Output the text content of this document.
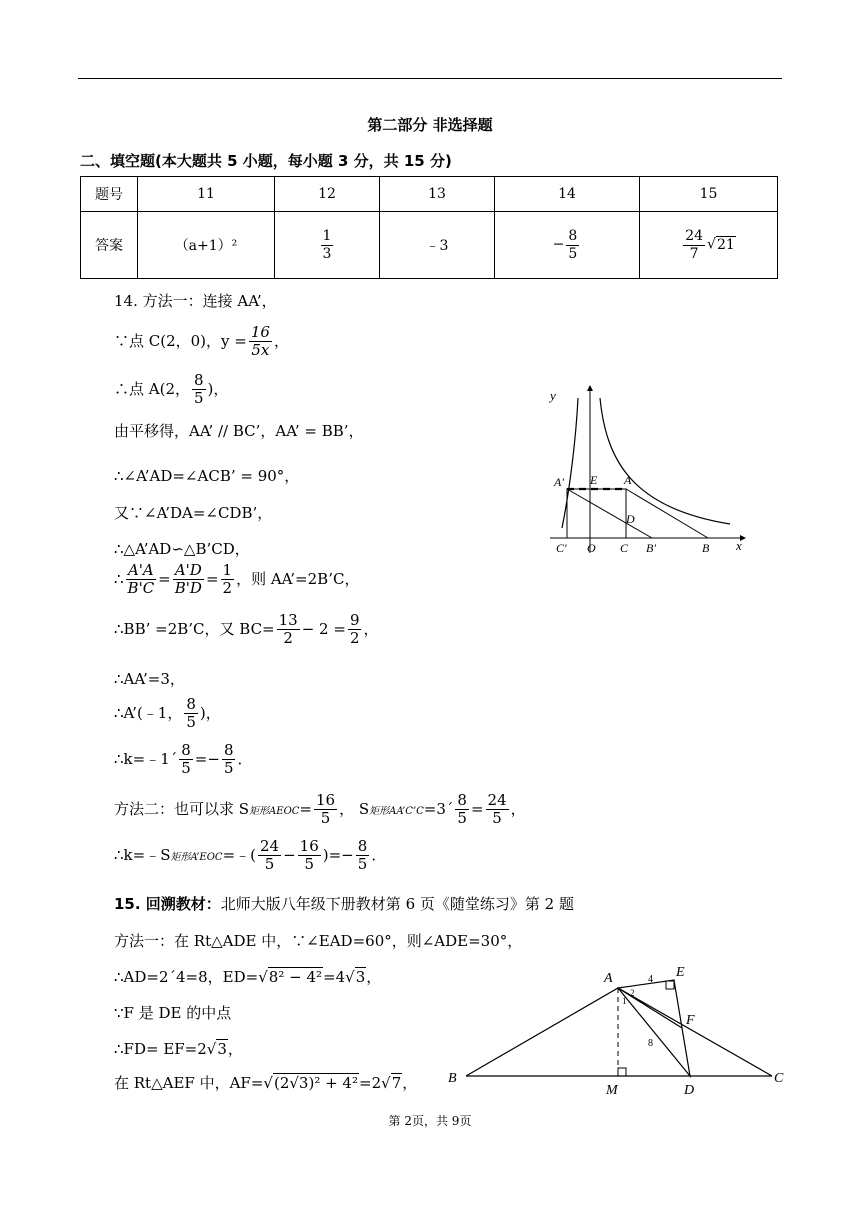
第二部分 非选择题
二、填空题(本大题共 5 小题，每小题 3 分，共 15 分)
题号	11	12	13	14	15
答案	（a+1）²	$\frac{1}{3}$	﹣3	− $\frac{8}{5}$	$\frac{24}{7} √21$
14. 方法一：连接 AA’，
∵点 C(2，0)，$y = \frac{16}{5x}$ ，
∴点 A(2， $\frac{8}{5}$ )，
由平移得，AA’ // BC’，AA’ = BB’，
∴∠A’AD=∠ACB’ = 90°，
又∵∠A’DA=∠CDB’，
∴△A’AD∽△B’CD，
∴ $\frac{A'A}{B'C} = \frac{A'D}{B'D} = \frac{1}{2}$ ，则 AA’=2B’C，
∴BB’ =2B’C，又 $BC= \frac{13}{2} - 2 = \frac{9}{2}$ ，
∴AA’=3，
∴A’(﹣1， $\frac{8}{5}$ )，
∴k=﹣1´ $\frac{8}{5} =- \frac{8}{5}$ ．
方法二：也可以求 S矩形AEOC= $\frac{16}{5}$ ， S矩形AA’C’C=3´ $\frac{8}{5} = \frac{24}{5}$ ，
∴k=﹣S矩形A’EOC=﹣( $\frac{24}{5} - \frac{16}{5}$ )=− $\frac{8}{5}$ ．
15. 回溯教材：北师大版八年级下册教材第 6 页《随堂练习》第 2 题
方法一：在 Rt△ADE 中，∵∠EAD=60°，则∠ADE=30°，
∴AD=2´4=8，ED=√8² − 4²=4√3，
∵F 是 DE 的中点
∴FD= EF=2√3，
在 Rt△AEF 中，AF=√(2√3)² + 4²=2√7，
y
x
A' E A
D
C' O C B'	B
A	E
F
B
M	D
C
4
8
2
1
第 2页，共 9页
